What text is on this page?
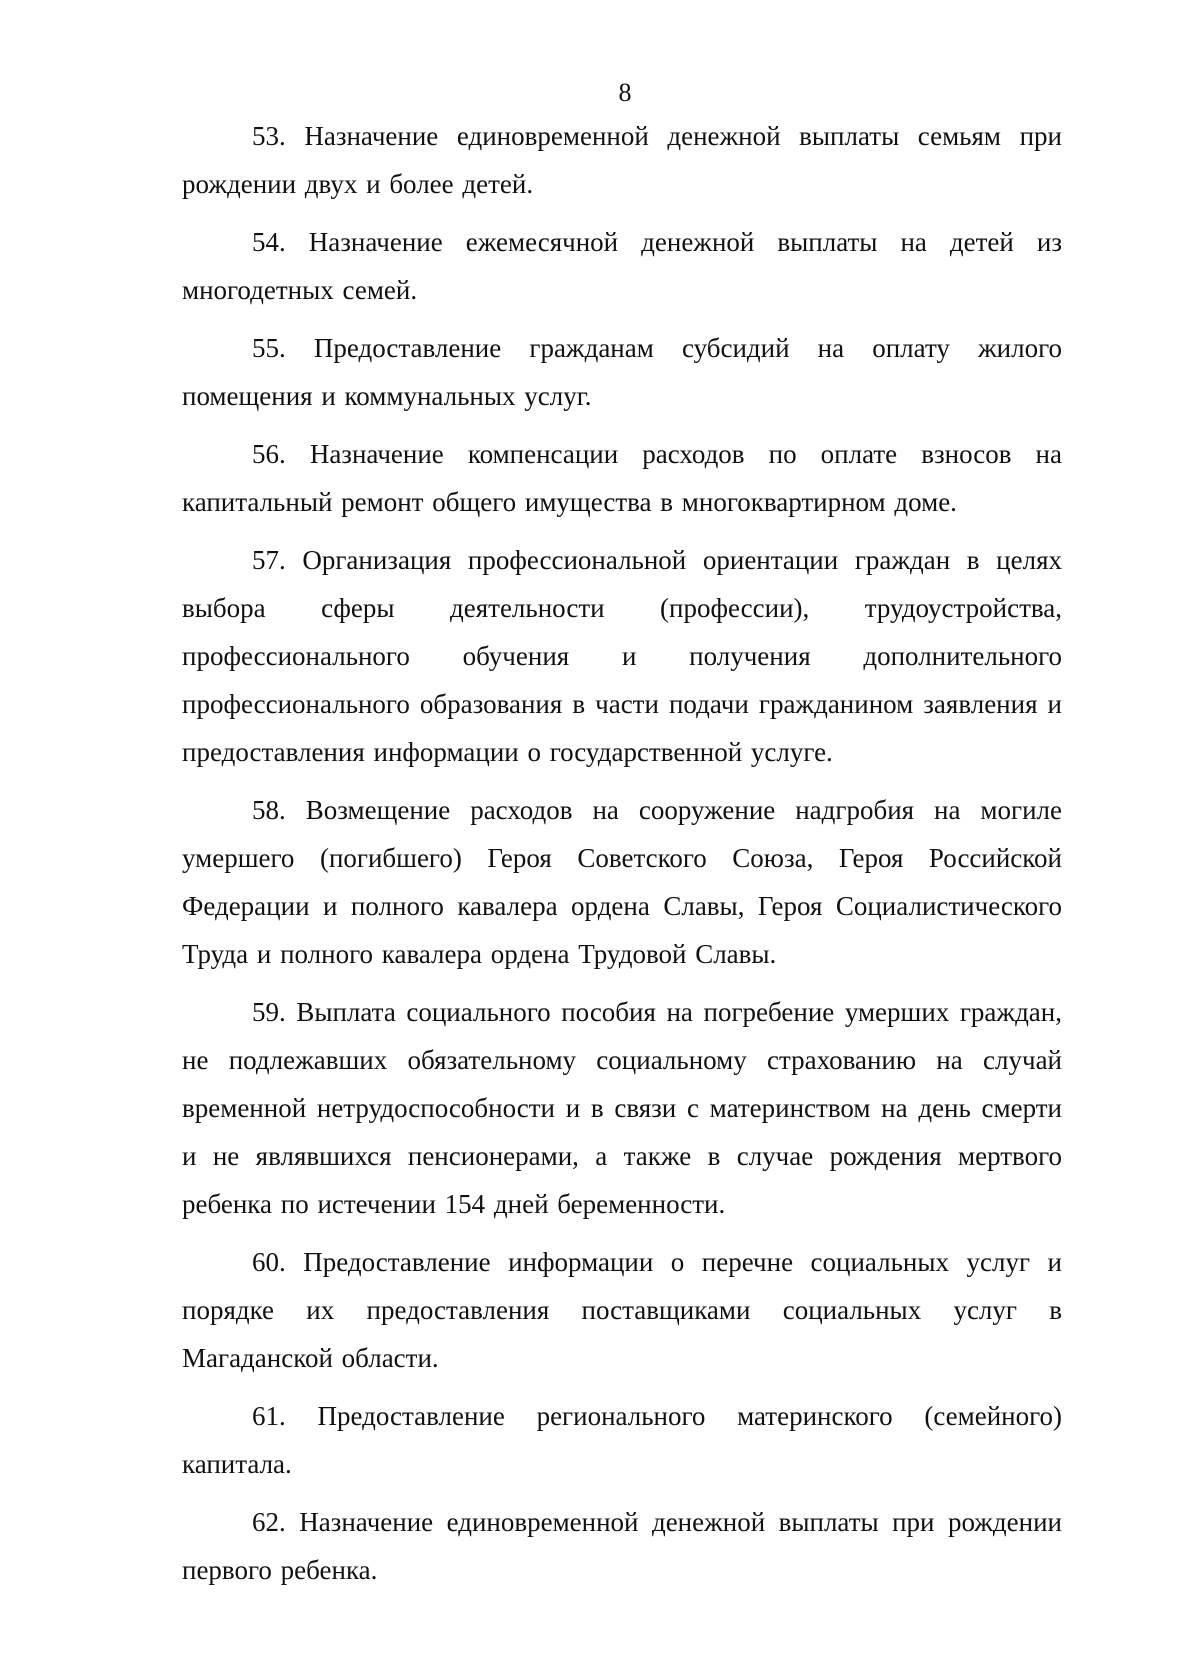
8

53. Назначение единовременной денежной выплаты семьям при рождении двух и более детей.

54. Назначение ежемесячной денежной выплаты на детей из многодетных семей.

55. Предоставление гражданам субсидий на оплату жилого помещения и коммунальных услуг.

56. Назначение компенсации расходов по оплате взносов на капитальный ремонт общего имущества в многоквартирном доме.

57. Организация профессиональной ориентации граждан в целях выбора сферы деятельности (профессии), трудоустройства, профессионального обучения и получения дополнительного профессионального образования в части подачи гражданином заявления и предоставления информации о государственной услуге.

58. Возмещение расходов на сооружение надгробия на могиле умершего (погибшего) Героя Советского Союза, Героя Российской Федерации и полного кавалера ордена Славы, Героя Социалистического Труда и полного кавалера ордена Трудовой Славы.

59. Выплата социального пособия на погребение умерших граждан, не подлежавших обязательному социальному страхованию на случай временной нетрудоспособности и в связи с материнством на день смерти и не являвшихся пенсионерами, а также в случае рождения мертвого ребенка по истечении 154 дней беременности.

60. Предоставление информации о перечне социальных услуг и порядке их предоставления поставщиками социальных услуг в Магаданской области.

61. Предоставление регионального материнского (семейного) капитала.

62. Назначение единовременной денежной выплаты при рождении первого ребенка.
